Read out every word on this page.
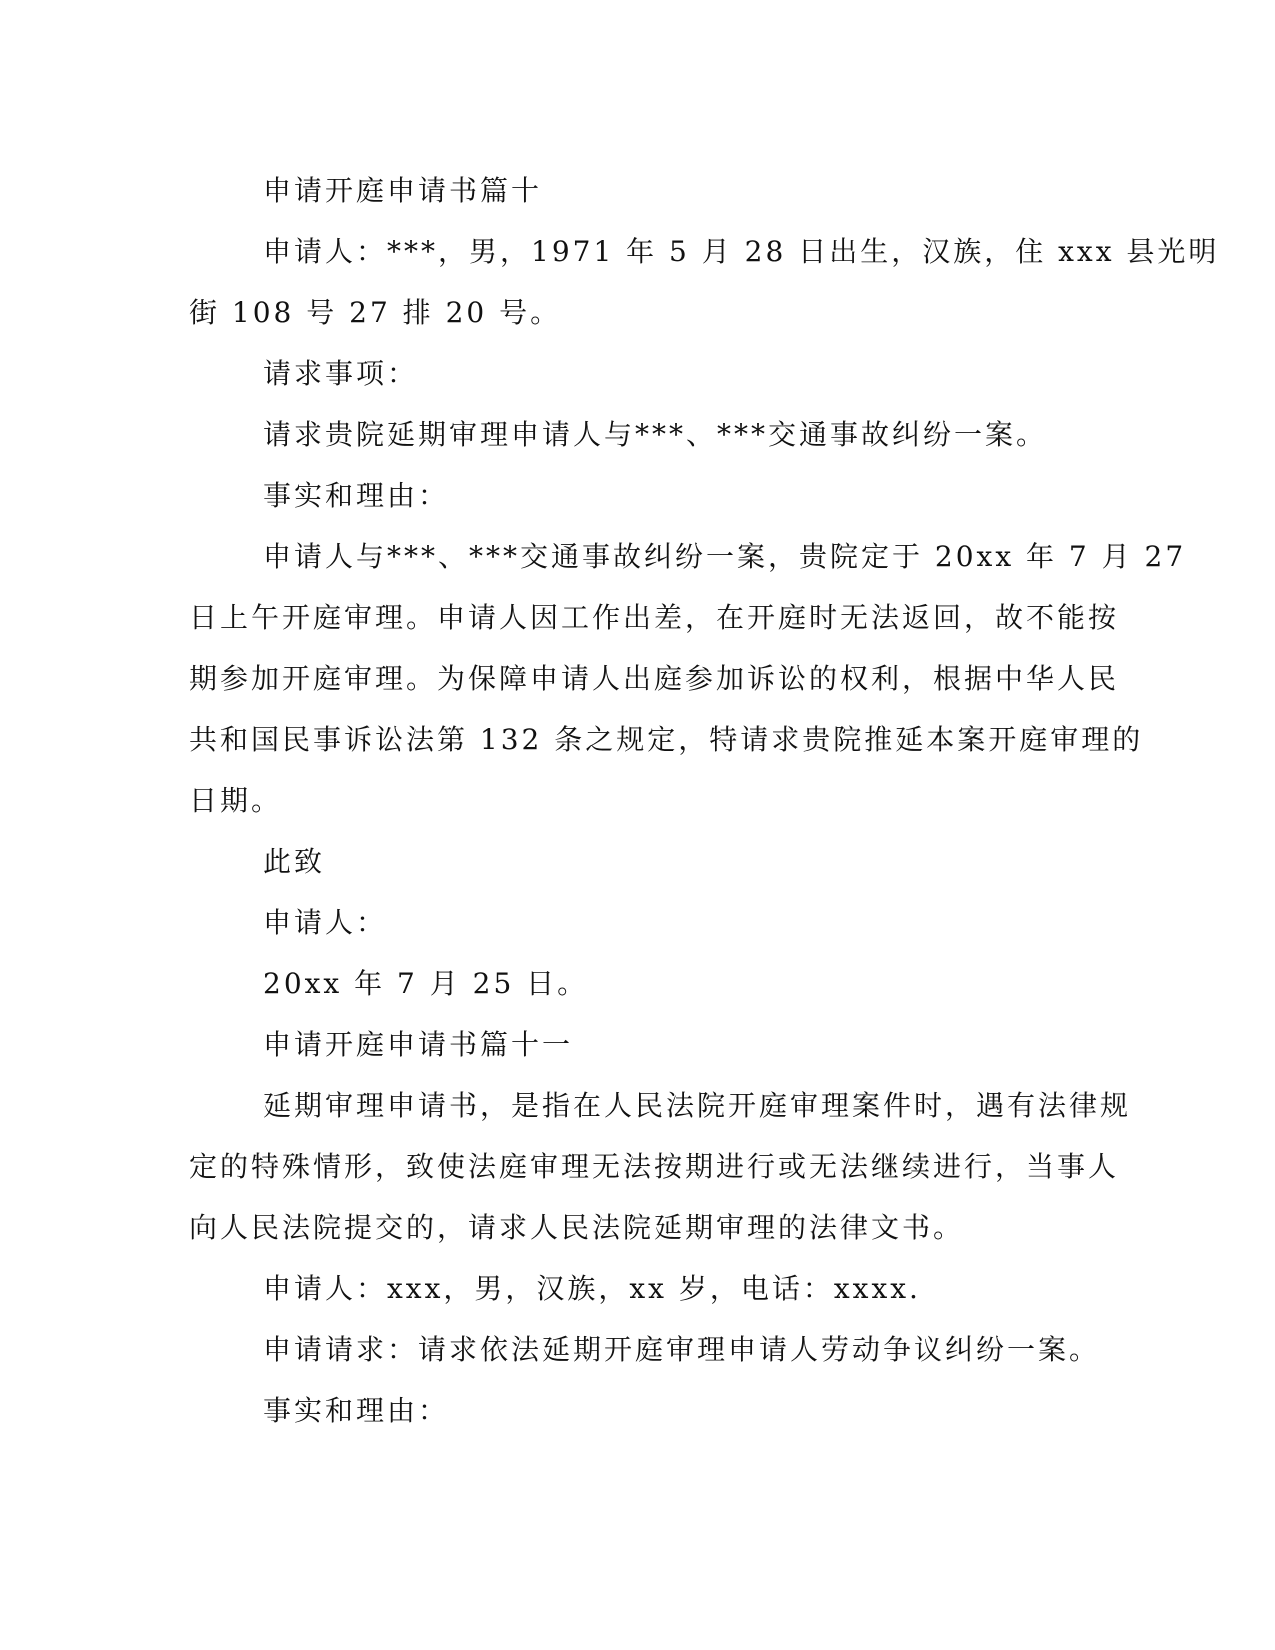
申请开庭申请书篇十

申请人：***，男，1971 年 5 月 28 日出生，汉族，住 xxx 县光明
街 108 号 27 排 20 号。

请求事项：

请求贵院延期审理申请人与***、***交通事故纠纷一案。

事实和理由：

申请人与***、***交通事故纠纷一案，贵院定于 20xx 年 7 月 27
日上午开庭审理。申请人因工作出差，在开庭时无法返回，故不能按
期参加开庭审理。为保障申请人出庭参加诉讼的权利，根据中华人民
共和国民事诉讼法第 132 条之规定，特请求贵院推延本案开庭审理的
日期。

此致

申请人：

20xx 年 7 月 25 日。

申请开庭申请书篇十一

延期审理申请书，是指在人民法院开庭审理案件时，遇有法律规
定的特殊情形，致使法庭审理无法按期进行或无法继续进行，当事人
向人民法院提交的，请求人民法院延期审理的法律文书。

申请人：xxx，男，汉族，xx 岁，电话：xxxx.

申请请求：请求依法延期开庭审理申请人劳动争议纠纷一案。

事实和理由：
